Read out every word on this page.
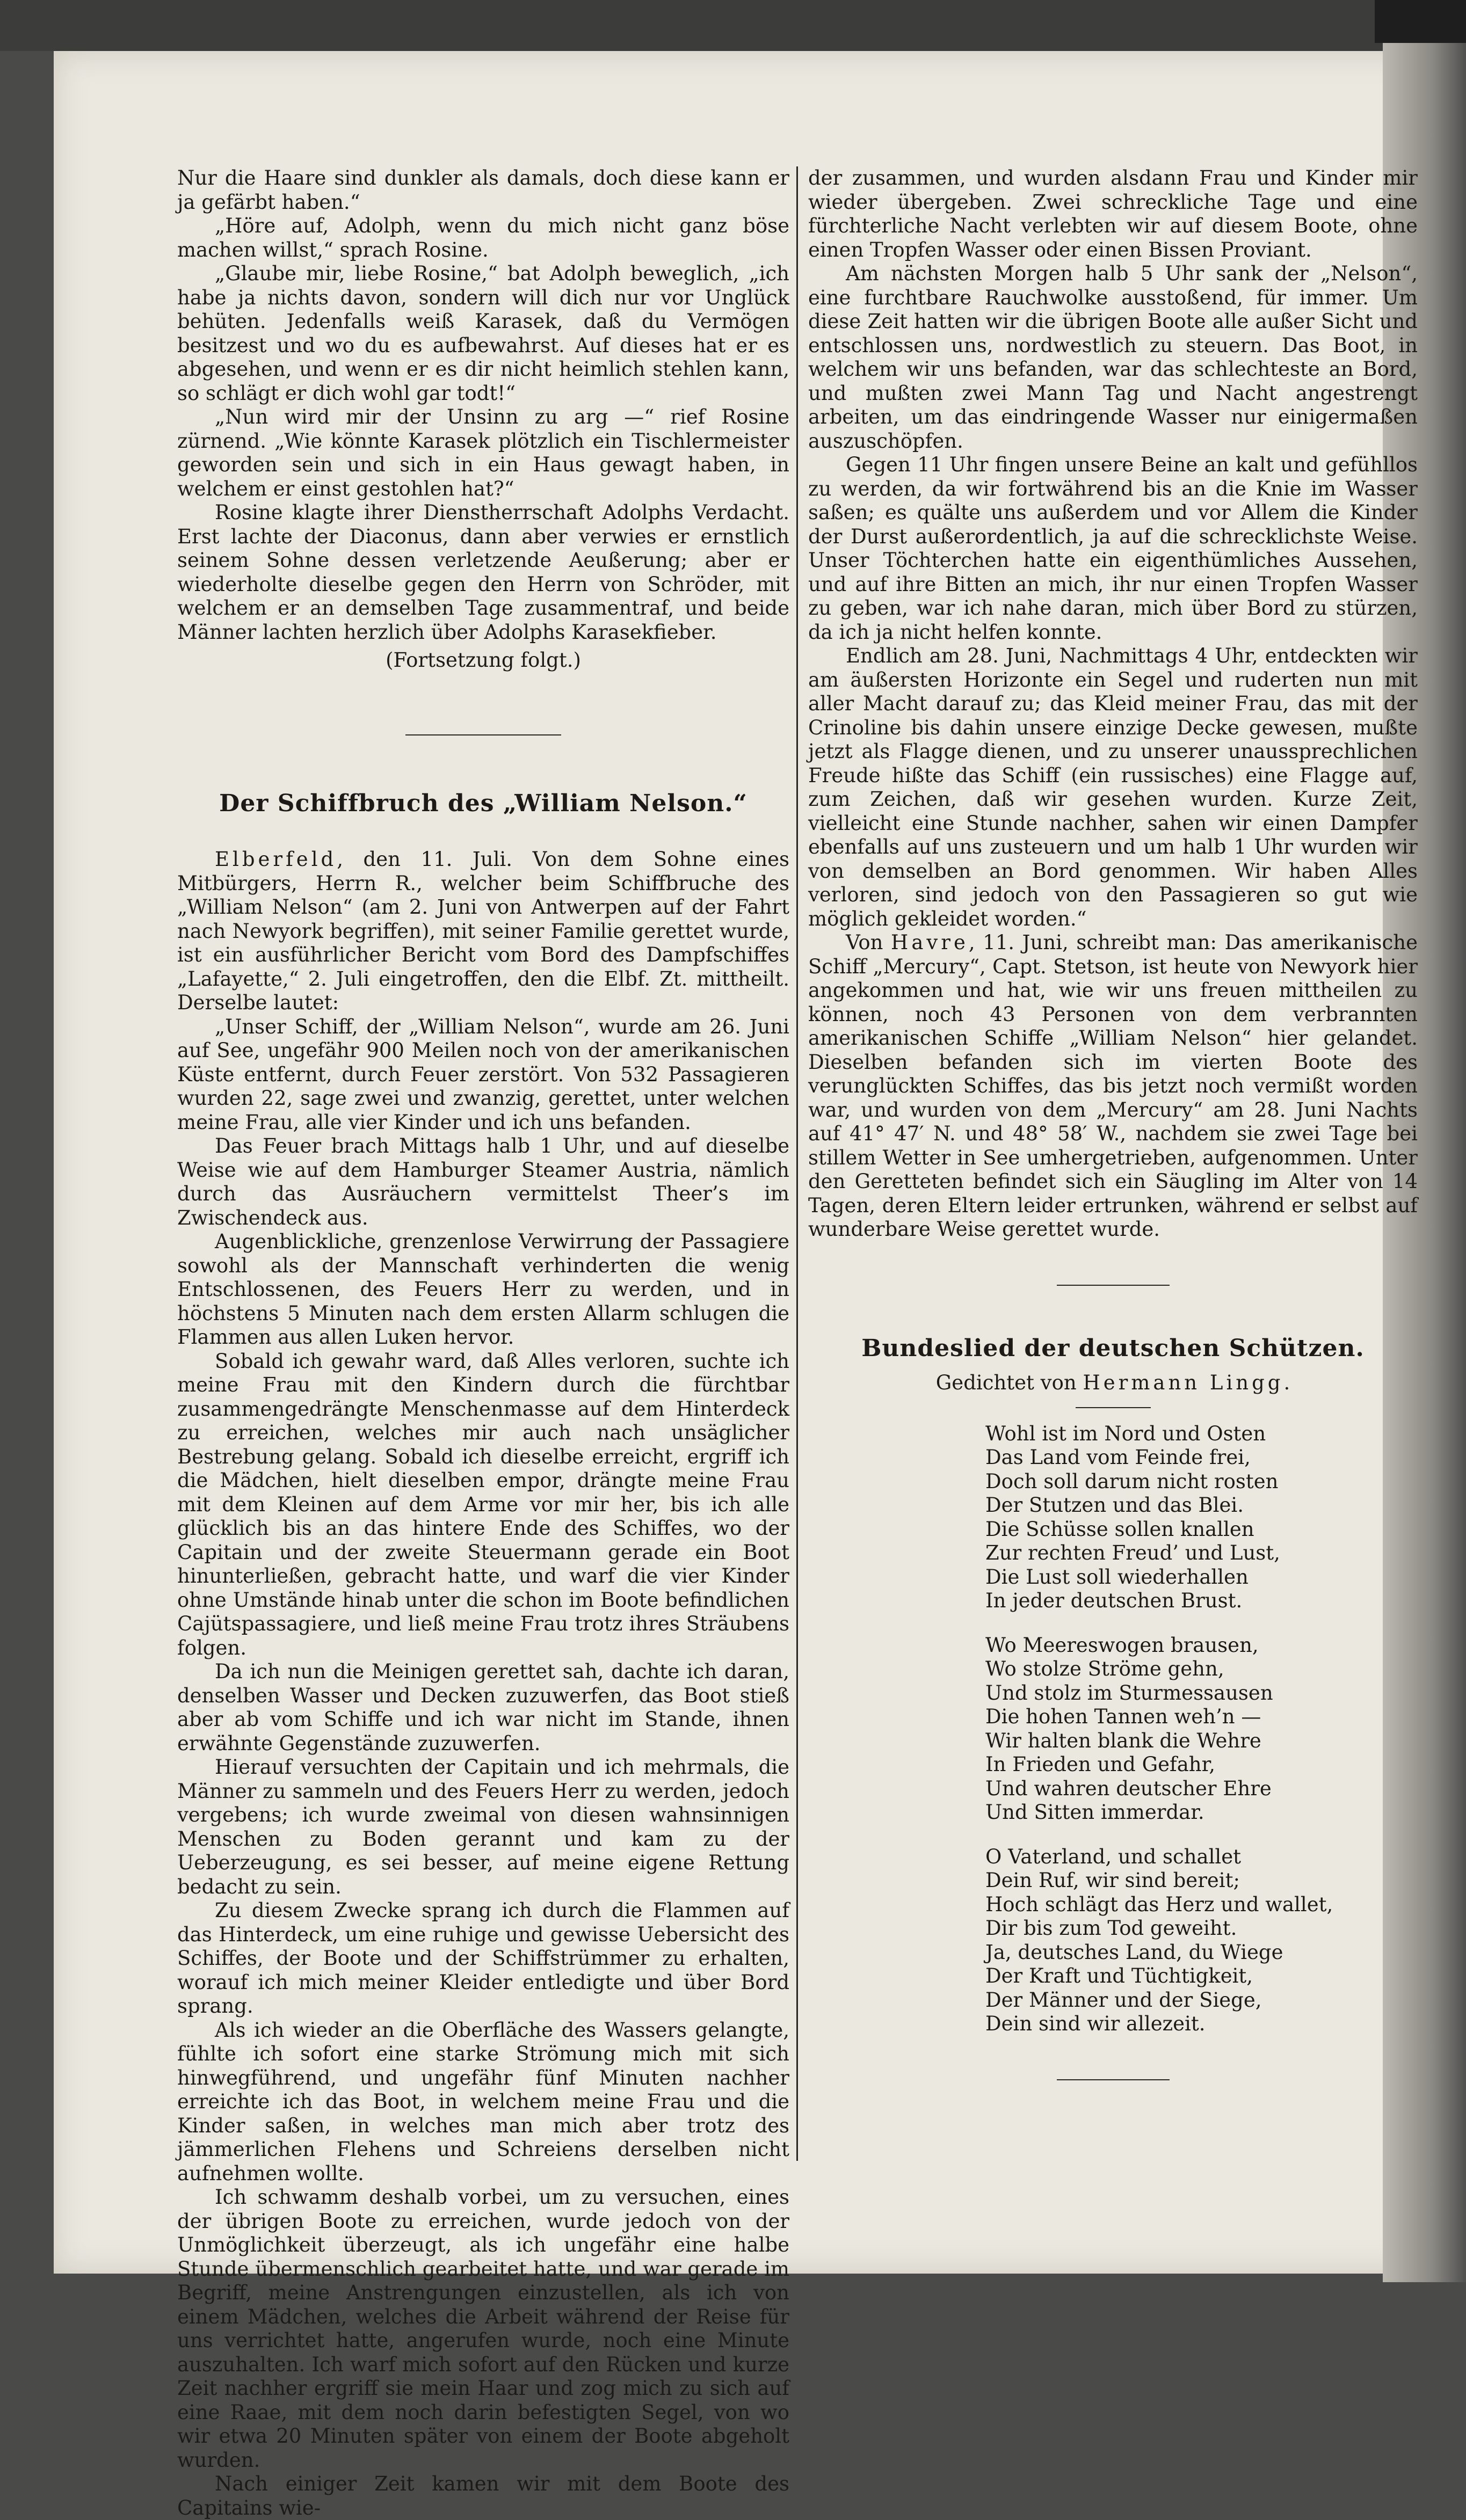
Nur die Haare sind dunkler als damals, doch diese kann er ja gefärbt haben.“

„Höre auf, Adolph, wenn du mich nicht ganz böse machen willst,“ sprach Rosine.

„Glaube mir, liebe Rosine,“ bat Adolph beweglich, „ich habe ja nichts davon, sondern will dich nur vor Unglück behüten. Jedenfalls weiß Karasek, daß du Vermögen besitzest und wo du es aufbewahrst. Auf dieses hat er es abgesehen, und wenn er es dir nicht heimlich stehlen kann, so schlägt er dich wohl gar todt!“

„Nun wird mir der Unsinn zu arg —“ rief Rosine zürnend. „Wie könnte Karasek plötzlich ein Tischlermeister geworden sein und sich in ein Haus gewagt haben, in welchem er einst gestohlen hat?“

Rosine klagte ihrer Dienstherrschaft Adolphs Verdacht. Erst lachte der Diaconus, dann aber verwies er ernstlich seinem Sohne dessen verletzende Aeußerung; aber er wiederholte dieselbe gegen den Herrn von Schröder, mit welchem er an demselben Tage zusammentraf, und beide Männer lachten herzlich über Adolphs Karasekfieber.

(Fortsetzung folgt.)

Der Schiffbruch des „William Nelson.“

Elberfeld, den 11. Juli. Von dem Sohne eines Mitbürgers, Herrn R., welcher beim Schiffbruche des „William Nelson“ (am 2. Juni von Antwerpen auf der Fahrt nach Newyork begriffen), mit seiner Familie gerettet wurde, ist ein ausführlicher Bericht vom Bord des Dampfschiffes „Lafayette,“ 2. Juli eingetroffen, den die Elbf. Zt. mittheilt. Derselbe lautet:

„Unser Schiff, der „William Nelson“, wurde am 26. Juni auf See, ungefähr 900 Meilen noch von der amerikanischen Küste entfernt, durch Feuer zerstört. Von 532 Passagieren wurden 22, sage zwei und zwanzig, gerettet, unter welchen meine Frau, alle vier Kinder und ich uns befanden.

Das Feuer brach Mittags halb 1 Uhr, und auf dieselbe Weise wie auf dem Hamburger Steamer Austria, nämlich durch das Ausräuchern vermittelst Theer’s im Zwischendeck aus.

Augenblickliche, grenzenlose Verwirrung der Passagiere sowohl als der Mannschaft verhinderten die wenig Entschlossenen, des Feuers Herr zu werden, und in höchstens 5 Minuten nach dem ersten Allarm schlugen die Flammen aus allen Luken hervor.

Sobald ich gewahr ward, daß Alles verloren, suchte ich meine Frau mit den Kindern durch die fürchtbar zusammengedrängte Menschenmasse auf dem Hinterdeck zu erreichen, welches mir auch nach unsäglicher Bestrebung gelang. Sobald ich dieselbe erreicht, ergriff ich die Mädchen, hielt dieselben empor, drängte meine Frau mit dem Kleinen auf dem Arme vor mir her, bis ich alle glücklich bis an das hintere Ende des Schiffes, wo der Capitain und der zweite Steuermann gerade ein Boot hinunterließen, gebracht hatte, und warf die vier Kinder ohne Umstände hinab unter die schon im Boote befindlichen Cajütspassagiere, und ließ meine Frau trotz ihres Sträubens folgen.

Da ich nun die Meinigen gerettet sah, dachte ich daran, denselben Wasser und Decken zuzuwerfen, das Boot stieß aber ab vom Schiffe und ich war nicht im Stande, ihnen erwähnte Gegenstände zuzuwerfen.

Hierauf versuchten der Capitain und ich mehrmals, die Männer zu sammeln und des Feuers Herr zu werden, jedoch vergebens; ich wurde zweimal von diesen wahnsinnigen Menschen zu Boden gerannt und kam zu der Ueberzeugung, es sei besser, auf meine eigene Rettung bedacht zu sein.

Zu diesem Zwecke sprang ich durch die Flammen auf das Hinterdeck, um eine ruhige und gewisse Uebersicht des Schiffes, der Boote und der Schiffstrümmer zu erhalten, worauf ich mich meiner Kleider entledigte und über Bord sprang.

Als ich wieder an die Oberfläche des Wassers gelangte, fühlte ich sofort eine starke Strömung mich mit sich hinwegführend, und ungefähr fünf Minuten nachher erreichte ich das Boot, in welchem meine Frau und die Kinder saßen, in welches man mich aber trotz des jämmerlichen Flehens und Schreiens derselben nicht aufnehmen wollte.

Ich schwamm deshalb vorbei, um zu versuchen, eines der übrigen Boote zu erreichen, wurde jedoch von der Unmöglichkeit überzeugt, als ich ungefähr eine halbe Stunde übermenschlich gearbeitet hatte, und war gerade im Begriff, meine Anstrengungen einzustellen, als ich von einem Mädchen, welches die Arbeit während der Reise für uns verrichtet hatte, angerufen wurde, noch eine Minute auszuhalten. Ich warf mich sofort auf den Rücken und kurze Zeit nachher ergriff sie mein Haar und zog mich zu sich auf eine Raae, mit dem noch darin befestigten Segel, von wo wir etwa 20 Minuten später von einem der Boote abgeholt wurden.

Nach einiger Zeit kamen wir mit dem Boote des Capitains wie-

der zusammen, und wurden alsdann Frau und Kinder mir wieder übergeben. Zwei schreckliche Tage und eine fürchterliche Nacht verlebten wir auf diesem Boote, ohne einen Tropfen Wasser oder einen Bissen Proviant.

Am nächsten Morgen halb 5 Uhr sank der „Nelson“, eine furchtbare Rauchwolke ausstoßend, für immer. Um diese Zeit hatten wir die übrigen Boote alle außer Sicht und entschlossen uns, nordwestlich zu steuern. Das Boot, in welchem wir uns befanden, war das schlechteste an Bord, und mußten zwei Mann Tag und Nacht angestrengt arbeiten, um das eindringende Wasser nur einigermaßen auszuschöpfen.

Gegen 11 Uhr fingen unsere Beine an kalt und gefühllos zu werden, da wir fortwährend bis an die Knie im Wasser saßen; es quälte uns außerdem und vor Allem die Kinder der Durst außerordentlich, ja auf die schrecklichste Weise. Unser Töchterchen hatte ein eigenthümliches Aussehen, und auf ihre Bitten an mich, ihr nur einen Tropfen Wasser zu geben, war ich nahe daran, mich über Bord zu stürzen, da ich ja nicht helfen konnte.

Endlich am 28. Juni, Nachmittags 4 Uhr, entdeckten wir am äußersten Horizonte ein Segel und ruderten nun mit aller Macht darauf zu; das Kleid meiner Frau, das mit der Crinoline bis dahin unsere einzige Decke gewesen, mußte jetzt als Flagge dienen, und zu unserer unaussprechlichen Freude hißte das Schiff (ein russisches) eine Flagge auf, zum Zeichen, daß wir gesehen wurden. Kurze Zeit, vielleicht eine Stunde nachher, sahen wir einen Dampfer ebenfalls auf uns zusteuern und um halb 1 Uhr wurden wir von demselben an Bord genommen. Wir haben Alles verloren, sind jedoch von den Passagieren so gut wie möglich gekleidet worden.“

Von Havre, 11. Juni, schreibt man: Das amerikanische Schiff „Mercury“, Capt. Stetson, ist heute von Newyork hier angekommen und hat, wie wir uns freuen mittheilen zu können, noch 43 Personen von dem verbrannten amerikanischen Schiffe „William Nelson“ hier gelandet. Dieselben befanden sich im vierten Boote des verunglückten Schiffes, das bis jetzt noch vermißt worden war, und wurden von dem „Mercury“ am 28. Juni Nachts auf 41° 47′ N. und 48° 58′ W., nachdem sie zwei Tage bei stillem Wetter in See umhergetrieben, aufgenommen. Unter den Geretteten befindet sich ein Säugling im Alter von 14 Tagen, deren Eltern leider ertrunken, während er selbst auf wunderbare Weise gerettet wurde.

Bundeslied der deutschen Schützen.

Gedichtet von Hermann Lingg.

Wohl ist im Nord und Osten

Das Land vom Feinde frei,

Doch soll darum nicht rosten

Der Stutzen und das Blei.

Die Schüsse sollen knallen

Zur rechten Freud’ und Lust,

Die Lust soll wiederhallen

In jeder deutschen Brust.

Wo Meereswogen brausen,

Wo stolze Ströme gehn,

Und stolz im Sturmessausen

Die hohen Tannen weh’n —

Wir halten blank die Wehre

In Frieden und Gefahr,

Und wahren deutscher Ehre

Und Sitten immerdar.

O Vaterland, und schallet

Dein Ruf, wir sind bereit;

Hoch schlägt das Herz und wallet,

Dir bis zum Tod geweiht.

Ja, deutsches Land, du Wiege

Der Kraft und Tüchtigkeit,

Der Männer und der Siege,

Dein sind wir allezeit.
